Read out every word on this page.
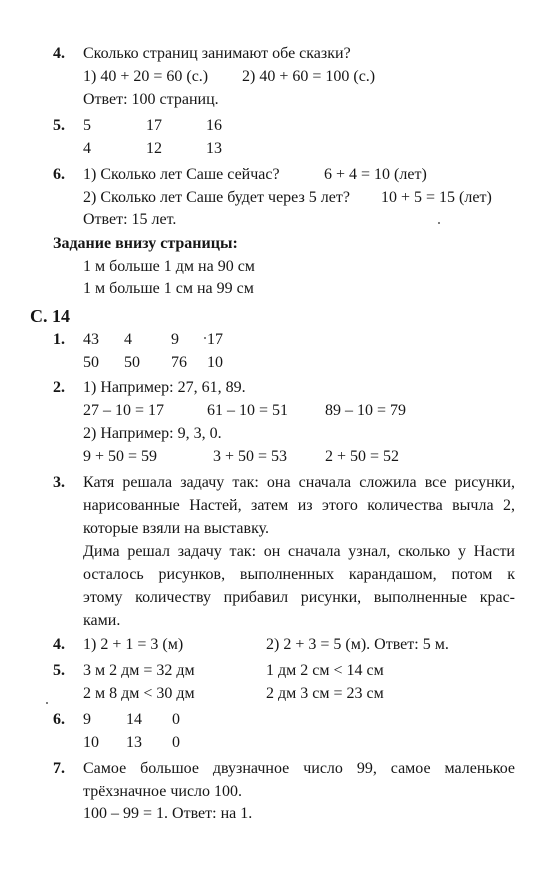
4. Сколько страниц занимают обе сказки?
1) 40 + 20 = 60 (с.) 2) 40 + 60 = 100 (с.)
Ответ: 100 страниц.
5. 5	17	16
4	12	13
6. 1) Сколько лет Саше сейчас?	6 + 4 = 10 (лет)
2) Сколько лет Саше будет через 5 лет? 10 + 5 = 15 (лет)
Ответ: 15 лет.
Задание внизу страницы:
1 м больше 1 дм на 90 см
1 м больше 1 см на 99 см
С. 14
1. 43 4 9 17
50 50 76 10
2. 1) Например: 27, 61, 89.
27 – 10 = 17	61 – 10 = 51 89 – 10 = 79
2) Например: 9, 3, 0.
9 + 50 = 59	3 + 50 = 53 2 + 50 = 52
3. Катя решала задачу так: она сначала сложила все рисунки,
нарисованные Настей, затем из этого количества вычла 2,
которые взяли на выставку.
Дима решал задачу так: он сначала узнал, сколько у Насти
осталось рисунков, выполненных карандашом, потом к
этому количеству прибавил рисунки, выполненные крас-
ками.
4. 1) 2 + 1 = 3 (м)	2) 2 + 3 = 5 (м). Ответ: 5 м.
5. 3 м 2 дм = 32 дм	1 дм 2 см < 14 см
2 м 8 дм < 30 дм	2 дм 3 см = 23 см
6. 9 14 0
10 13 0
7. Самое большое двузначное число 99, самое маленькое
трёхзначное число 100.
100 – 99 = 1. Ответ: на 1.
